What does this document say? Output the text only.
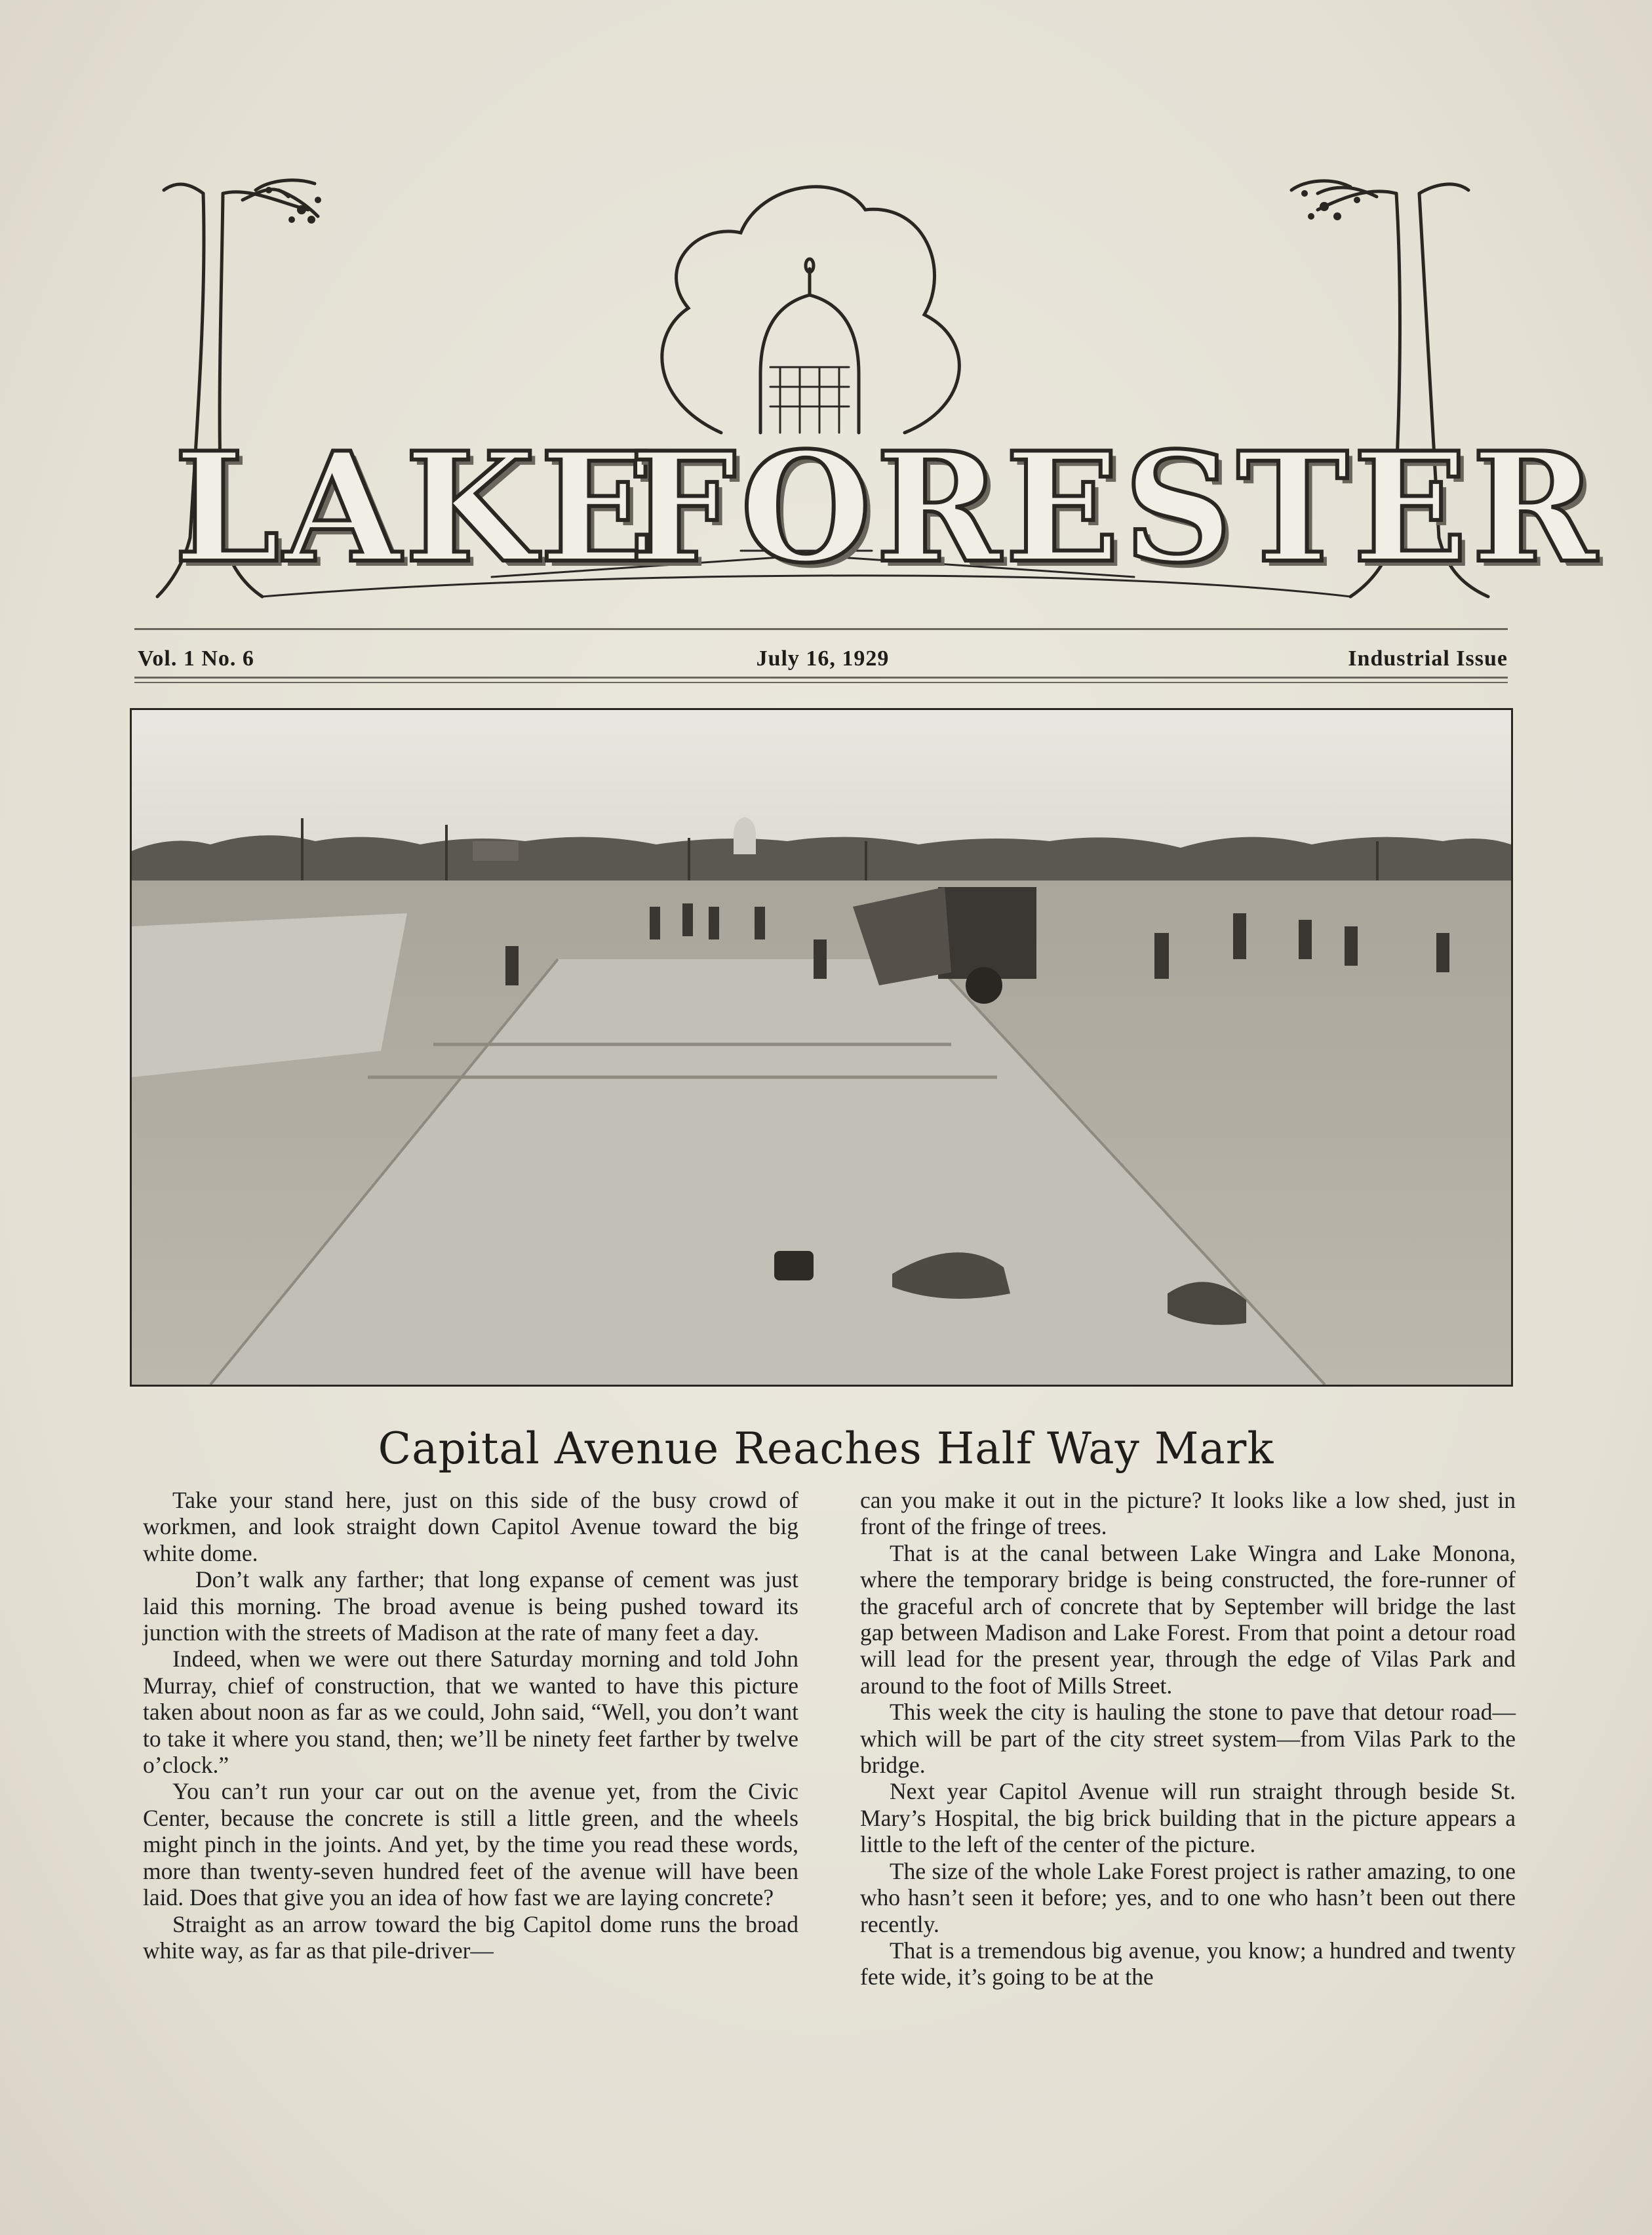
LAKE
FORESTER
Vol. 1 No. 6	July 16, 1929	Industrial Issue
Capital Avenue Reaches Half Way Mark

Take your stand here, just on this side of the busy crowd of workmen, and look straight down Capitol Avenue toward the big white dome.

Don’t walk any farther; that long expanse of cement was just laid this morning. The broad avenue is being pushed toward its junction with the streets of Madison at the rate of many feet a day.

Indeed, when we were out there Saturday morning and told John Murray, chief of construction, that we wanted to have this picture taken about noon as far as we could, John said, “Well, you don’t want to take it where you stand, then; we’ll be ninety feet farther by twelve o’clock.”

You can’t run your car out on the avenue yet, from the Civic Center, because the concrete is still a little green, and the wheels might pinch in the joints. And yet, by the time you read these words, more than twenty-seven hundred feet of the avenue will have been laid. Does that give you an idea of how fast we are laying concrete?

Straight as an arrow toward the big Capitol dome runs the broad white way, as far as that pile-driver—

can you make it out in the picture? It looks like a low shed, just in front of the fringe of trees.

That is at the canal between Lake Wingra and Lake Monona, where the temporary bridge is being constructed, the fore-runner of the graceful arch of concrete that by September will bridge the last gap between Madison and Lake Forest. From that point a detour road will lead for the present year, through the edge of Vilas Park and around to the foot of Mills Street.

This week the city is hauling the stone to pave that detour road—which will be part of the city street system—from Vilas Park to the bridge.

Next year Capitol Avenue will run straight through beside St. Mary’s Hospital, the big brick building that in the picture appears a little to the left of the center of the picture.

The size of the whole Lake Forest project is rather amazing, to one who hasn’t seen it before; yes, and to one who hasn’t been out there recently.

That is a tremendous big avenue, you know; a hundred and twenty fete wide, it’s going to be at the
